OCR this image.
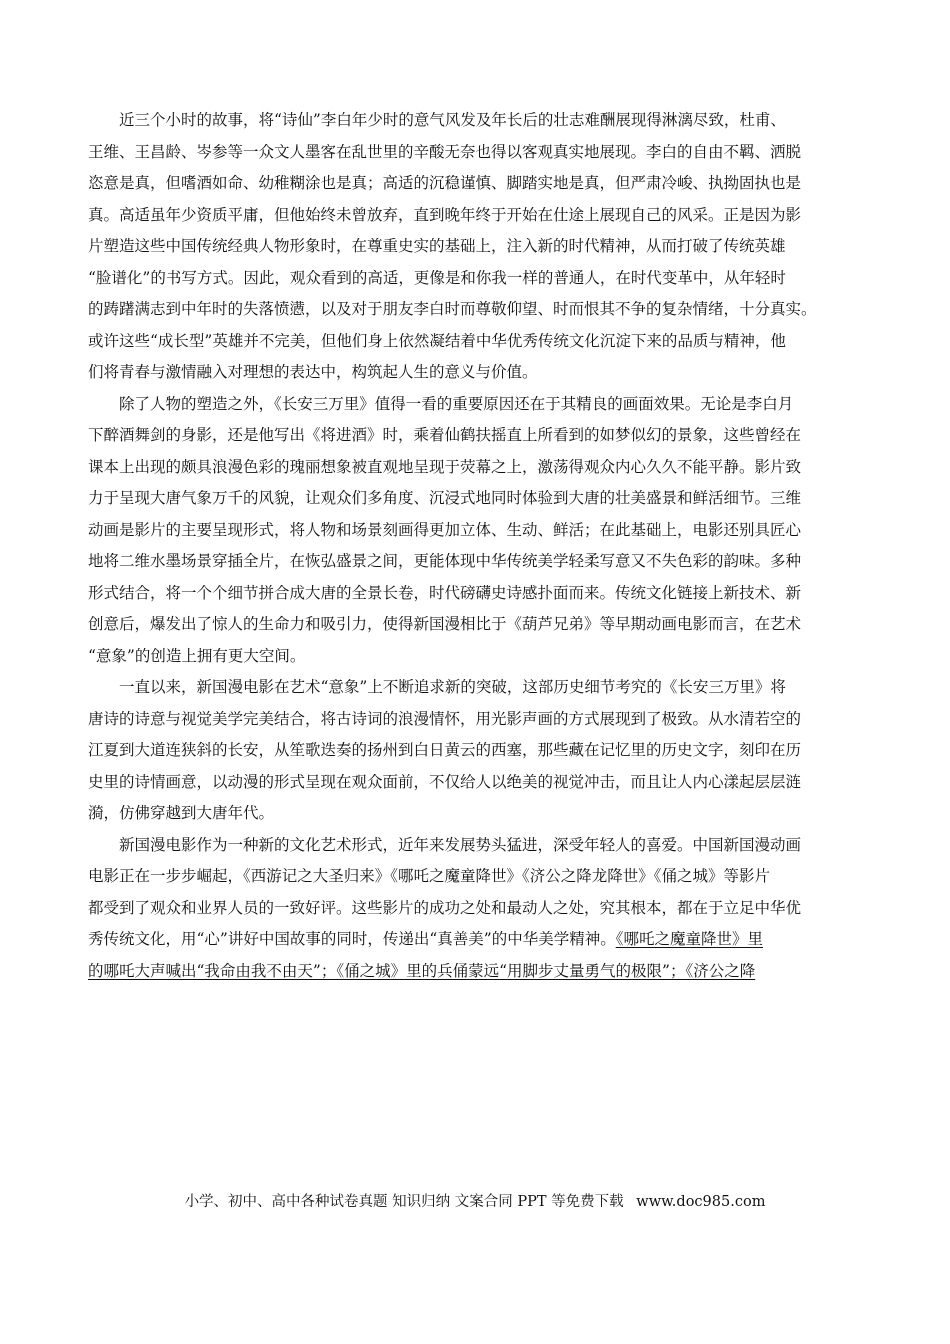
近三个小时的故事，将“诗仙”李白年少时的意气风发及年长后的壮志难酬展现得淋漓尽致，杜甫、

王维、王昌龄、岑参等一众文人墨客在乱世里的辛酸无奈也得以客观真实地展现。李白的自由不羁、洒脱

恣意是真，但嗜酒如命、幼稚糊涂也是真；高适的沉稳谨慎、脚踏实地是真，但严肃冷峻、执拗固执也是

真。高适虽年少资质平庸，但他始终未曾放弃，直到晚年终于开始在仕途上展现自己的风采。正是因为影

片塑造这些中国传统经典人物形象时，在尊重史实的基础上，注入新的时代精神，从而打破了传统英雄

“脸谱化”的书写方式。因此，观众看到的高适，更像是和你我一样的普通人，在时代变革中，从年轻时

的踌躇满志到中年时的失落愤懑，以及对于朋友李白时而尊敬仰望、时而恨其不争的复杂情绪，十分真实。

或许这些“成长型”英雄并不完美，但他们身上依然凝结着中华优秀传统文化沉淀下来的品质与精神，他

们将青春与激情融入对理想的表达中，构筑起人生的意义与价值。

除了人物的塑造之外，《长安三万里》值得一看的重要原因还在于其精良的画面效果。无论是李白月

下醉酒舞剑的身影，还是他写出《将进酒》时，乘着仙鹤扶摇直上所看到的如梦似幻的景象，这些曾经在

课本上出现的颇具浪漫色彩的瑰丽想象被直观地呈现于荧幕之上，激荡得观众内心久久不能平静。影片致

力于呈现大唐气象万千的风貌，让观众们多角度、沉浸式地同时体验到大唐的壮美盛景和鲜活细节。三维

动画是影片的主要呈现形式，将人物和场景刻画得更加立体、生动、鲜活；在此基础上，电影还别具匠心

地将二维水墨场景穿插全片，在恢弘盛景之间，更能体现中华传统美学轻柔写意又不失色彩的韵味。多种

形式结合，将一个个细节拼合成大唐的全景长卷，时代磅礴史诗感扑面而来。传统文化链接上新技术、新

创意后，爆发出了惊人的生命力和吸引力，使得新国漫相比于《葫芦兄弟》等早期动画电影而言，在艺术

“意象”的创造上拥有更大空间。

一直以来，新国漫电影在艺术“意象”上不断追求新的突破，这部历史细节考究的《长安三万里》将

唐诗的诗意与视觉美学完美结合，将古诗词的浪漫情怀，用光影声画的方式展现到了极致。从水清若空的

江夏到大道连狭斜的长安，从笙歌迭奏的扬州到白日黄云的西塞，那些藏在记忆里的历史文字，刻印在历

史里的诗情画意，以动漫的形式呈现在观众面前，不仅给人以绝美的视觉冲击，而且让人内心漾起层层涟

漪，仿佛穿越到大唐年代。

新国漫电影作为一种新的文化艺术形式，近年来发展势头猛进，深受年轻人的喜爱。中国新国漫动画

电影正在一步步崛起，《西游记之大圣归来》《哪吒之魔童降世》《济公之降龙降世》《俑之城》等影片

都受到了观众和业界人员的一致好评。这些影片的成功之处和最动人之处，究其根本，都在于立足中华优

秀传统文化，用“心”讲好中国故事的同时，传递出“真善美”的中华美学精神。《哪吒之魔童降世》里

的哪吒大声喊出“我命由我不由天”；《俑之城》里的兵俑蒙远“用脚步丈量勇气的极限”；《济公之降

小学、初中、高中各种试卷真题 知识归纳 文案合同 PPT 等免费下载 www.doc985.com
